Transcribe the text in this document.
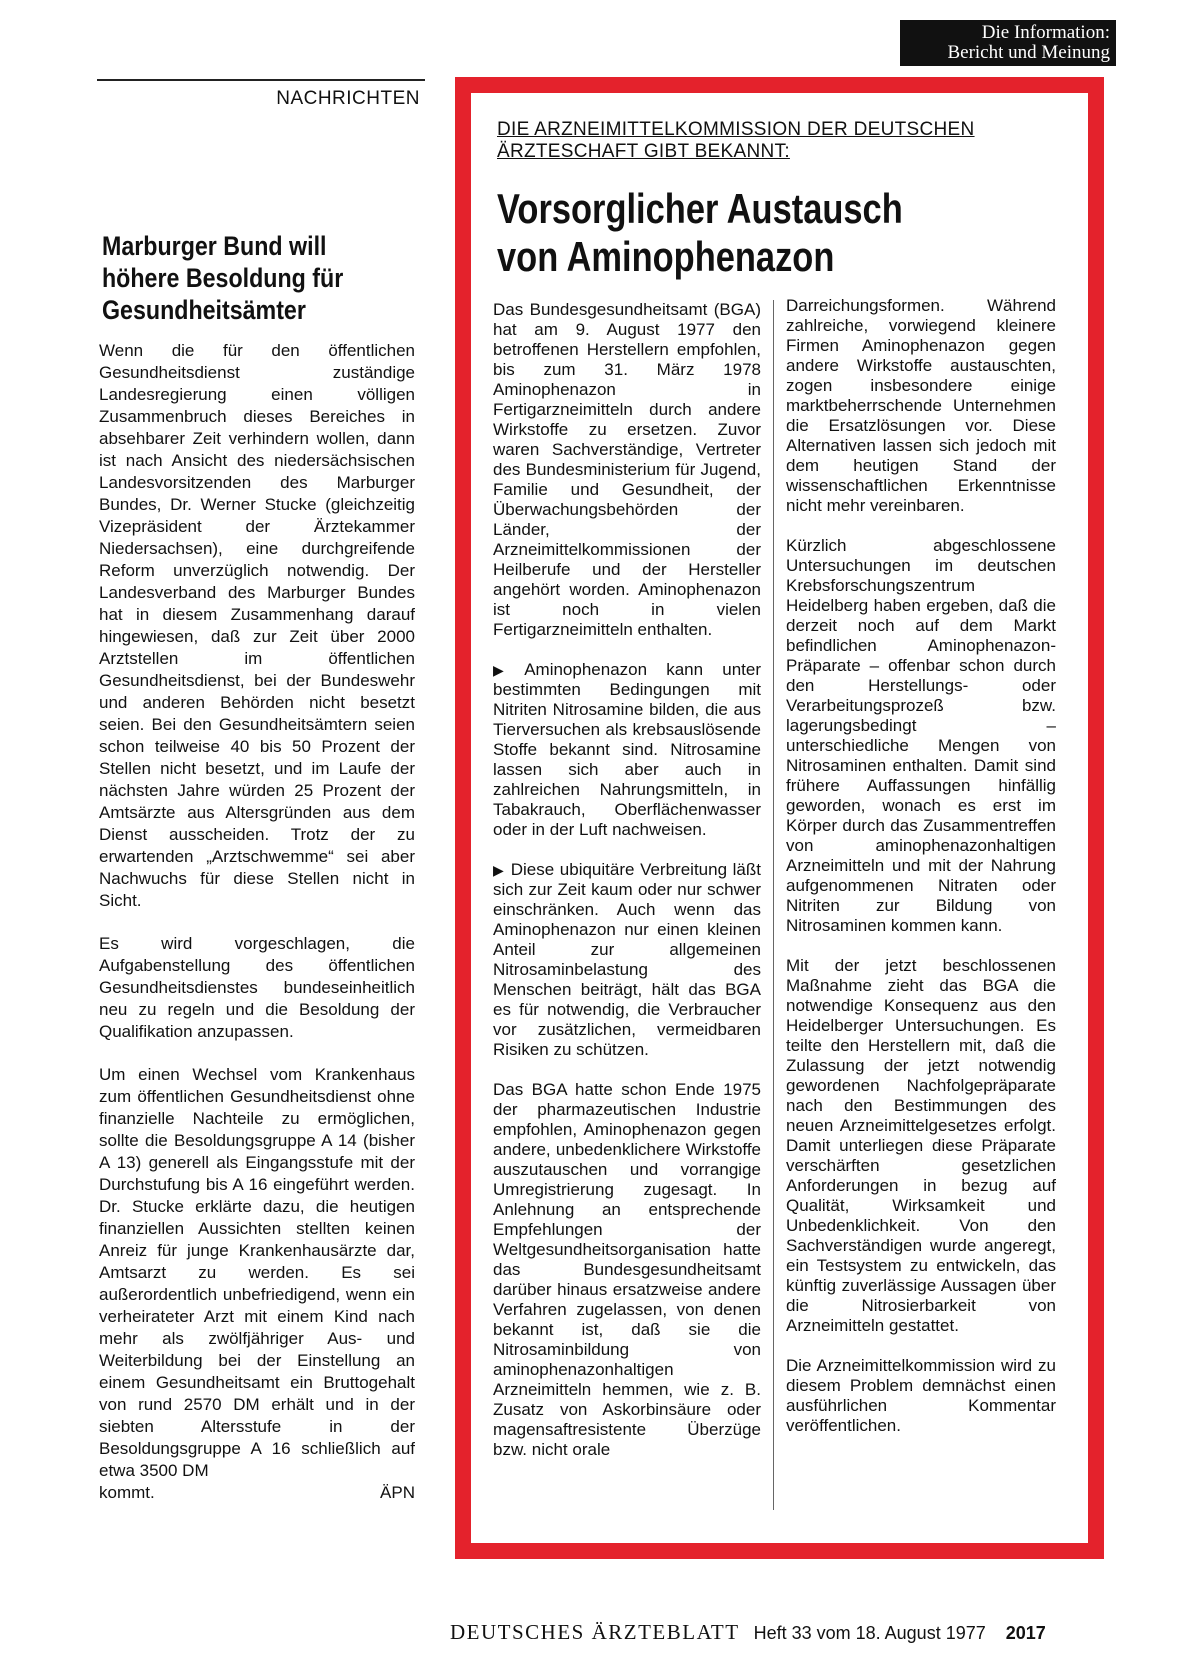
Die Information:
Bericht und Meinung
NACHRICHTEN
Marburger Bund will höhere Besoldung für Gesundheitsämter

Wenn die für den öffentlichen Gesundheitsdienst zuständige Landesregierung einen völligen Zusammenbruch dieses Bereiches in absehbarer Zeit verhindern wollen, dann ist nach Ansicht des niedersächsischen Landesvorsitzenden des Marburger Bundes, Dr. Werner Stucke (gleichzeitig Vizepräsident der Ärztekammer Niedersachsen), eine durchgreifende Reform unverzüglich notwendig. Der Landesverband des Marburger Bundes hat in diesem Zusammenhang darauf hingewiesen, daß zur Zeit über 2000 Arztstellen im öffentlichen Gesundheitsdienst, bei der Bundeswehr und anderen Behörden nicht besetzt seien. Bei den Gesundheitsämtern seien schon teilweise 40 bis 50 Prozent der Stellen nicht besetzt, und im Laufe der nächsten Jahre würden 25 Prozent der Amtsärzte aus Altersgründen aus dem Dienst ausscheiden. Trotz der zu erwartenden „Arztschwemme“ sei aber Nachwuchs für diese Stellen nicht in Sicht.

Es wird vorgeschlagen, die Aufgabenstellung des öffentlichen Gesundheitsdienstes bundeseinheitlich neu zu regeln und die Besoldung der Qualifikation anzupassen.

Um einen Wechsel vom Krankenhaus zum öffentlichen Gesundheitsdienst ohne finanzielle Nachteile zu ermöglichen, sollte die Besoldungsgruppe A 14 (bisher A 13) generell als Eingangsstufe mit der Durchstufung bis A 16 eingeführt werden. Dr. Stucke erklärte dazu, die heutigen finanziellen Aussichten stellten keinen Anreiz für junge Krankenhausärzte dar, Amtsarzt zu werden. Es sei außerordentlich unbefriedigend, wenn ein verheirateter Arzt mit einem Kind nach mehr als zwölfjähriger Aus- und Weiterbildung bei der Einstellung an einem Gesundheitsamt ein Bruttogehalt von rund 2570 DM erhält und in der siebten Altersstufe in der Besoldungsgruppe A 16 schließlich auf etwa 3500 DM

kommt.	ÄPN
DIE ARZNEIMITTELKOMMISSION DER DEUTSCHEN ÄRZTESCHAFT GIBT BEKANNT:
Vorsorglicher Austausch
von Aminophenazon

Das Bundesgesundheitsamt (BGA) hat am 9. August 1977 den betroffenen Herstellern empfohlen, bis zum 31. März 1978 Aminophenazon in Fertigarzneimitteln durch andere Wirkstoffe zu ersetzen. Zuvor waren Sachverständige, Vertreter des Bundesministerium für Jugend, Familie und Gesundheit, der Überwachungsbehörden der Länder, der Arzneimittelkommissionen der Heilberufe und der Hersteller angehört worden. Aminophenazon ist noch in vielen Fertigarzneimitteln enthalten.

▶ Aminophenazon kann unter bestimmten Bedingungen mit Nitriten Nitrosamine bilden, die aus Tierversuchen als krebsauslösende Stoffe bekannt sind. Nitrosamine lassen sich aber auch in zahlreichen Nahrungsmitteln, in Tabakrauch, Oberflächenwasser oder in der Luft nachweisen.

▶ Diese ubiquitäre Verbreitung läßt sich zur Zeit kaum oder nur schwer einschränken. Auch wenn das Aminophenazon nur einen kleinen Anteil zur allgemeinen Nitrosaminbelastung des Menschen beiträgt, hält das BGA es für notwendig, die Verbraucher vor zusätzlichen, vermeidbaren Risiken zu schützen.

Das BGA hatte schon Ende 1975 der pharmazeutischen Industrie empfohlen, Aminophenazon gegen andere, unbedenklichere Wirkstoffe auszutauschen und vorrangige Umregistrierung zugesagt. In Anlehnung an entsprechende Empfehlungen der Weltgesundheitsorganisation hatte das Bundesgesundheitsamt darüber hinaus ersatzweise andere Verfahren zugelassen, von denen bekannt ist, daß sie die Nitrosaminbildung von aminophenazonhaltigen Arzneimitteln hemmen, wie z. B. Zusatz von Askorbinsäure oder magensaftresistente Überzüge bzw. nicht orale

Darreichungsformen. Während zahlreiche, vorwiegend kleinere Firmen Aminophenazon gegen andere Wirkstoffe austauschten, zogen insbesondere einige marktbeherrschende Unternehmen die Ersatzlösungen vor. Diese Alternativen lassen sich jedoch mit dem heutigen Stand der wissenschaftlichen Erkenntnisse nicht mehr vereinbaren.

Kürzlich abgeschlossene Untersuchungen im deutschen Krebsforschungszentrum Heidelberg haben ergeben, daß die derzeit noch auf dem Markt befindlichen Aminophenazon-Präparate – offenbar schon durch den Herstellungs- oder Verarbeitungsprozeß bzw. lagerungsbedingt – unterschiedliche Mengen von Nitrosaminen enthalten. Damit sind frühere Auffassungen hinfällig geworden, wonach es erst im Körper durch das Zusammentreffen von aminophenazonhaltigen Arzneimitteln und mit der Nahrung aufgenommenen Nitraten oder Nitriten zur Bildung von Nitrosaminen kommen kann.

Mit der jetzt beschlossenen Maßnahme zieht das BGA die notwendige Konsequenz aus den Heidelberger Untersuchungen. Es teilte den Herstellern mit, daß die Zulassung der jetzt notwendig gewordenen Nachfolgepräparate nach den Bestimmungen des neuen Arzneimittelgesetzes erfolgt. Damit unterliegen diese Präparate verschärften gesetzlichen Anforderungen in bezug auf Qualität, Wirksamkeit und Unbedenklichkeit. Von den Sachverständigen wurde angeregt, ein Testsystem zu entwickeln, das künftig zuverlässige Aussagen über die Nitrosierbarkeit von Arzneimitteln gestattet.

Die Arzneimittelkommission wird zu diesem Problem demnächst einen ausführlichen Kommentar veröffentlichen.

DEUTSCHES ÄRZTEBLATT Heft 33 vom 18. August 1977 2017
